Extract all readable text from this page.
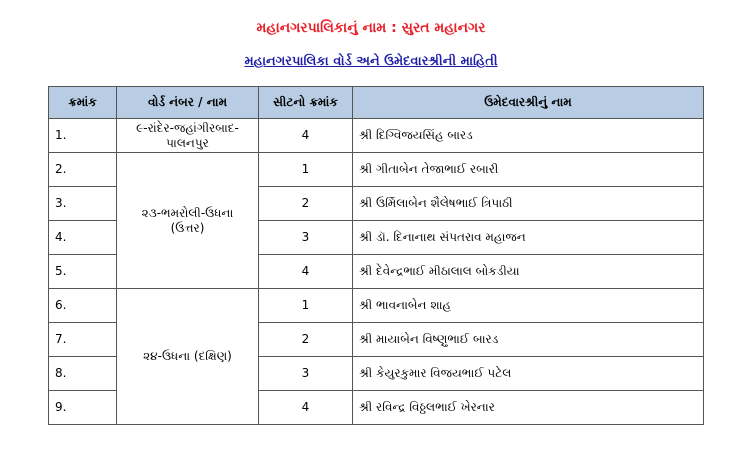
મહાનગરપાલિકાનું નામ : સુરત મહાનગર
મહાનગરપાલિકા વોર્ડ અને ઉમેદવારશ્રીની માહિતી
ક્રમાંક	વોર્ડ નંબર / નામ	સીટનો ક્રમાંક	ઉમેદવારશ્રીનું નામ
1.	૯-રાંદેર-જહાંગીરબાદ-પાલનપુર	4	શ્રી દિગ્વિજયસિંહ બારડ
2.	૨૩-ભમરોલી-ઉધના (ઉત્તર)	1	શ્રી ગીતાબેન તેજાભાઈ રબારી
3.		2	શ્રી ઉર્મિલાબેન શૈલેષભાઈ ત્રિપાઠી
4.		3	શ્રી ડૉ. દિનાનાથ સંપતરાવ મહાજન
5.		4	શ્રી દેવેન્દ્રભાઈ મીઠાલાલ બોકડીયા
6.	૨૪-ઉધના (દક્ષિણ)	1	શ્રી ભાવનાબેન શાહ
7.		2	શ્રી માયાબેન વિષ્ણુભાઈ બારડ
8.		3	શ્રી કેયુરકુમાર વિજયભાઈ પટેલ
9.		4	શ્રી રવિન્દ્ર વિઠ્ઠલભાઈ ખેરનાર
